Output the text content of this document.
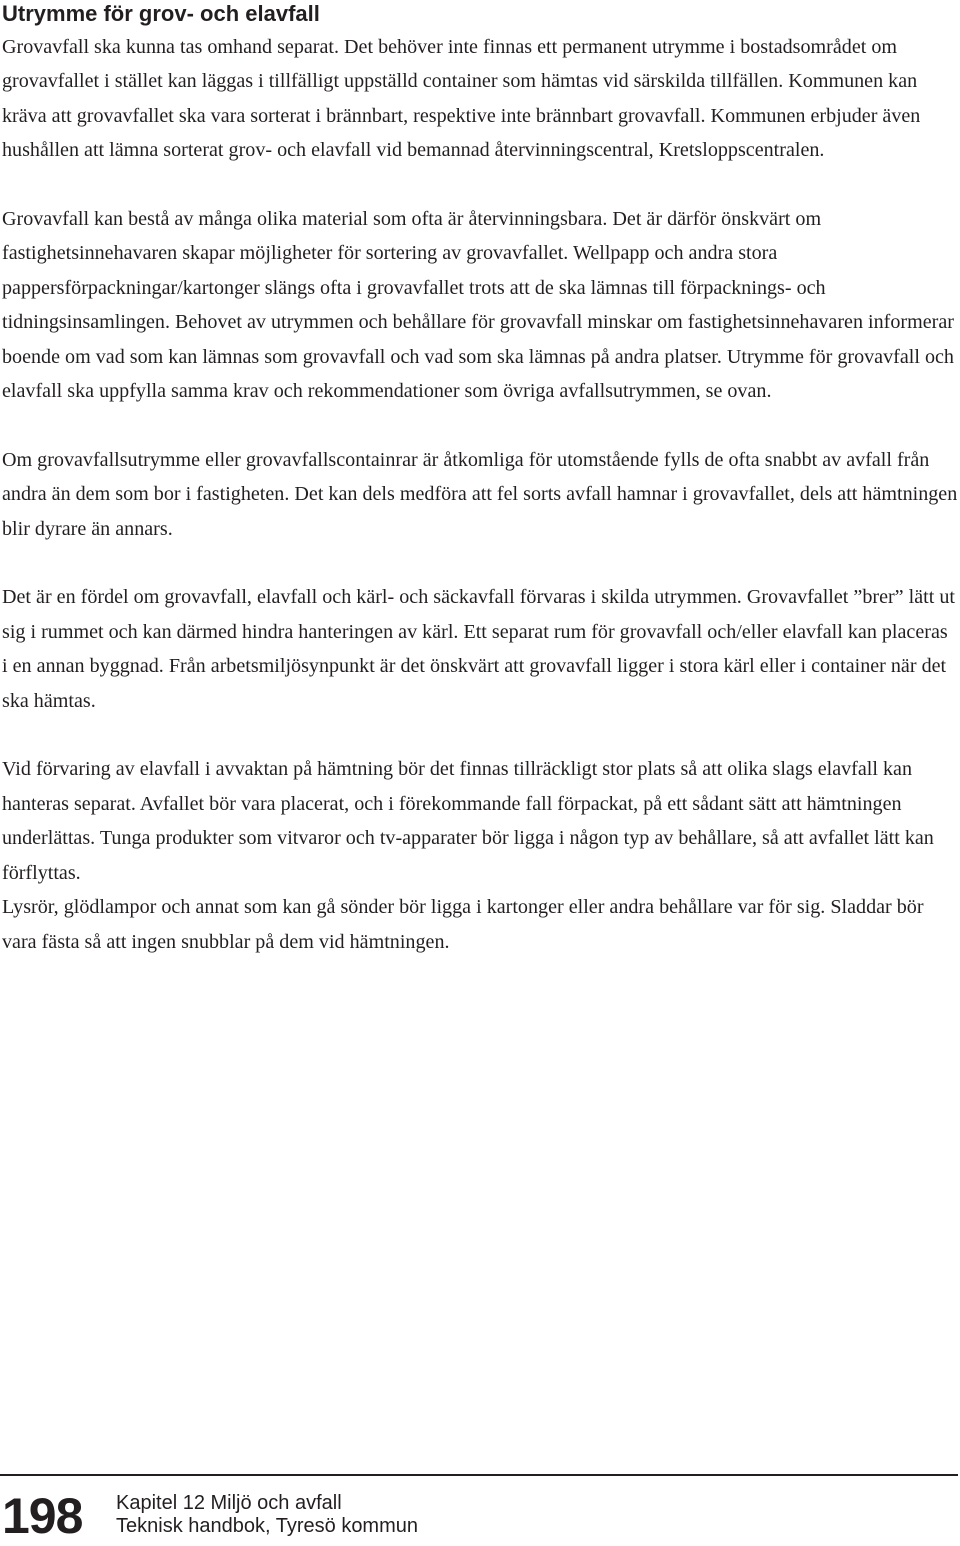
Utrymme för grov- och elavfall

Grovavfall ska kunna tas omhand separat. Det behöver inte finnas ett permanent utrymme i bostadsområdet om grovavfallet i stället kan läggas i tillfälligt uppställd container som hämtas vid särskilda tillfällen. Kommunen kan kräva att grovavfallet ska vara sorterat i brännbart, respektive inte brännbart grovavfall. Kommunen erbjuder även hushållen att lämna sorterat grov- och elavfall vid bemannad återvinningscentral, Kretsloppscentralen.

Grovavfall kan bestå av många olika material som ofta är återvinningsbara. Det är därför önskvärt om fastighetsinnehavaren skapar möjligheter för sortering av grovavfallet. Wellpapp och andra stora pappersförpackningar/kartonger slängs ofta i grovavfallet trots att de ska lämnas till förpacknings- och tidningsinsamlingen. Behovet av utrymmen och behållare för grovavfall minskar om fastighetsinnehavaren informerar boende om vad som kan lämnas som grovavfall och vad som ska lämnas på andra platser. Utrymme för grovavfall och elavfall ska uppfylla samma krav och rekommendationer som övriga avfallsutrymmen, se ovan.

Om grovavfallsutrymme eller grovavfallscontainrar är åtkomliga för utomstående fylls de ofta snabbt av avfall från andra än dem som bor i fastigheten. Det kan dels medföra att fel sorts avfall hamnar i grovavfallet, dels att hämtningen blir dyrare än annars.

Det är en fördel om grovavfall, elavfall och kärl- och säckavfall förvaras i skilda utrymmen. Grovavfallet ”brer” lätt ut sig i rummet och kan därmed hindra hanteringen av kärl. Ett separat rum för grovavfall och/eller elavfall kan placeras i en annan byggnad. Från arbetsmiljösynpunkt är det önskvärt att grovavfall ligger i stora kärl eller i container när det ska hämtas.

Vid förvaring av elavfall i avvaktan på hämtning bör det finnas tillräckligt stor plats så att olika slags elavfall kan hanteras separat. Avfallet bör vara placerat, och i förekommande fall förpackat, på ett sådant sätt att hämtningen underlättas. Tunga produkter som vitvaror och tv-apparater bör ligga i någon typ av behållare, så att avfallet lätt kan förflyttas.

Lysrör, glödlampor och annat som kan gå sönder bör ligga i kartonger eller andra behållare var för sig. Sladdar bör vara fästa så att ingen snubblar på dem vid hämtningen.

198 Kapitel 12 Miljö och avfall
Teknisk handbok, Tyresö kommun
